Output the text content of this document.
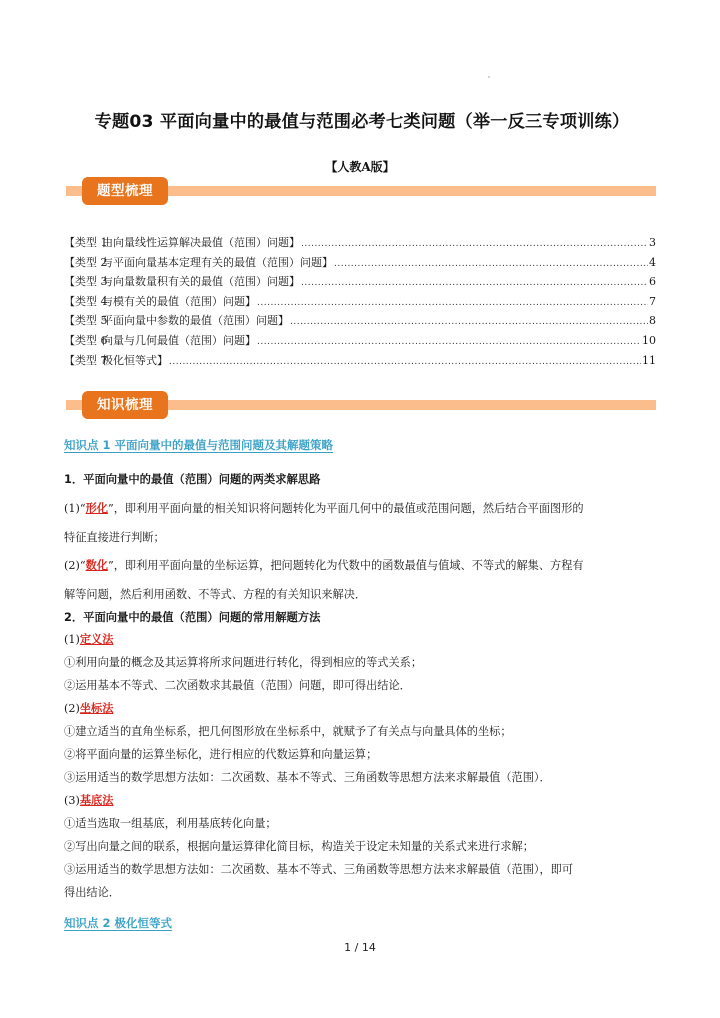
专题03 平面向量中的最值与范围必考七类问题（举一反三专项训练）
【人教A版】
题型梳理
【类型 1由向量线性运算解决最值（范围）问题】 .....	3
【类型 2与平面向量基本定理有关的最值（范围）问题】 .....	4
【类型 3与向量数量积有关的最值（范围）问题】 .....	6
【类型 4与模有关的最值（范围）问题】 .....	7
【类型 5平面向量中参数的最值（范围）问题】 .....	8
【类型 6向量与几何最值（范围）问题】 .....	10
【类型 7极化恒等式】 .....	11
知识梳理
知识点 1 平面向量中的最值与范围问题及其解题策略
1．平面向量中的最值（范围）问题的两类求解思路
(1)“形化”，即利用平面向量的相关知识将问题转化为平面几何中的最值或范围问题，然后结合平面图形的
特征直接进行判断；
(2)“数化”，即利用平面向量的坐标运算，把问题转化为代数中的函数最值与值域、不等式的解集、方程有
解等问题，然后利用函数、不等式、方程的有关知识来解决．
2．平面向量中的最值（范围）问题的常用解题方法
(1)定义法
①利用向量的概念及其运算将所求问题进行转化，得到相应的等式关系；
②运用基本不等式、二次函数求其最值（范围）问题，即可得出结论．
(2)坐标法
①建立适当的直角坐标系，把几何图形放在坐标系中，就赋予了有关点与向量具体的坐标；
②将平面向量的运算坐标化，进行相应的代数运算和向量运算；
③运用适当的数学思想方法如：二次函数、基本不等式、三角函数等思想方法来求解最值（范围）．
(3)基底法
①适当选取一组基底，利用基底转化向量；
②写出向量之间的联系，根据向量运算律化简目标，构造关于设定未知量的关系式来进行求解；
③运用适当的数学思想方法如：二次函数、基本不等式、三角函数等思想方法来求解最值（范围），即可
得出结论．
知识点 2 极化恒等式
1 / 14
